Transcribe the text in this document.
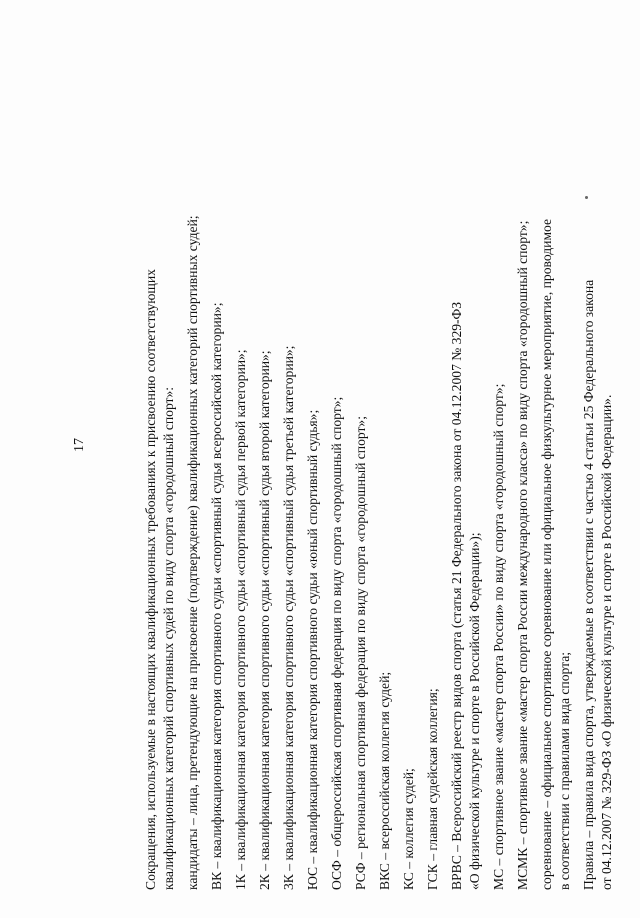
17	Сокращения, используемые в настоящих квалификационных требованиях к присвоению соответствующих квалификационных категорий спортивных судей по виду спорта «городошный спорт»: кандидаты – лица, претендующие на присвоение (подтверждение) квалификационных категорий спортивных судей; ВК – квалификационная категория спортивного судьи «спортивный судья всероссийской категории»; 1К – квалификационная категория спортивного судьи «спортивный судья первой категории»; 2К – квалификационная категория спортивного судьи «спортивный судья второй категории»; 3К – квалификационная категория спортивного судьи «спортивный судья третьей категории»; ЮС – квалификационная категория спортивного судьи «юный спортивный судья»; ОСФ – общероссийская спортивная федерация по виду спорта «городошный спорт»; РСФ – региональная спортивная федерация по виду спорта «городошный спорт»; ВКС – всероссийская коллегия судей; КС – коллегия судей; ГСК – главная судейская коллегия; ВРВС – Всероссийский реестр видов спорта (статья 21 Федерального закона от 04.12.2007 № 329-ФЗ «О физической культуре и спорте в Российской Федерации»); МС – спортивное звание «мастер спорта России» по виду спорта «городошный спорт»; МСМК – спортивное звание «мастер спорта России международного класса» по виду спорта «городошный спорт»; соревнование – официальное спортивное соревнование или официальное физкультурное мероприятие, проводимое в соответствии с правилами вида спорта; Правила – правила вида спорта, утверждаемые в соответствии с частью 4 статьи 25 Федерального закона от 04.12.2007 № 329-ФЗ «О физической культуре и спорте в Российской Федерации».
